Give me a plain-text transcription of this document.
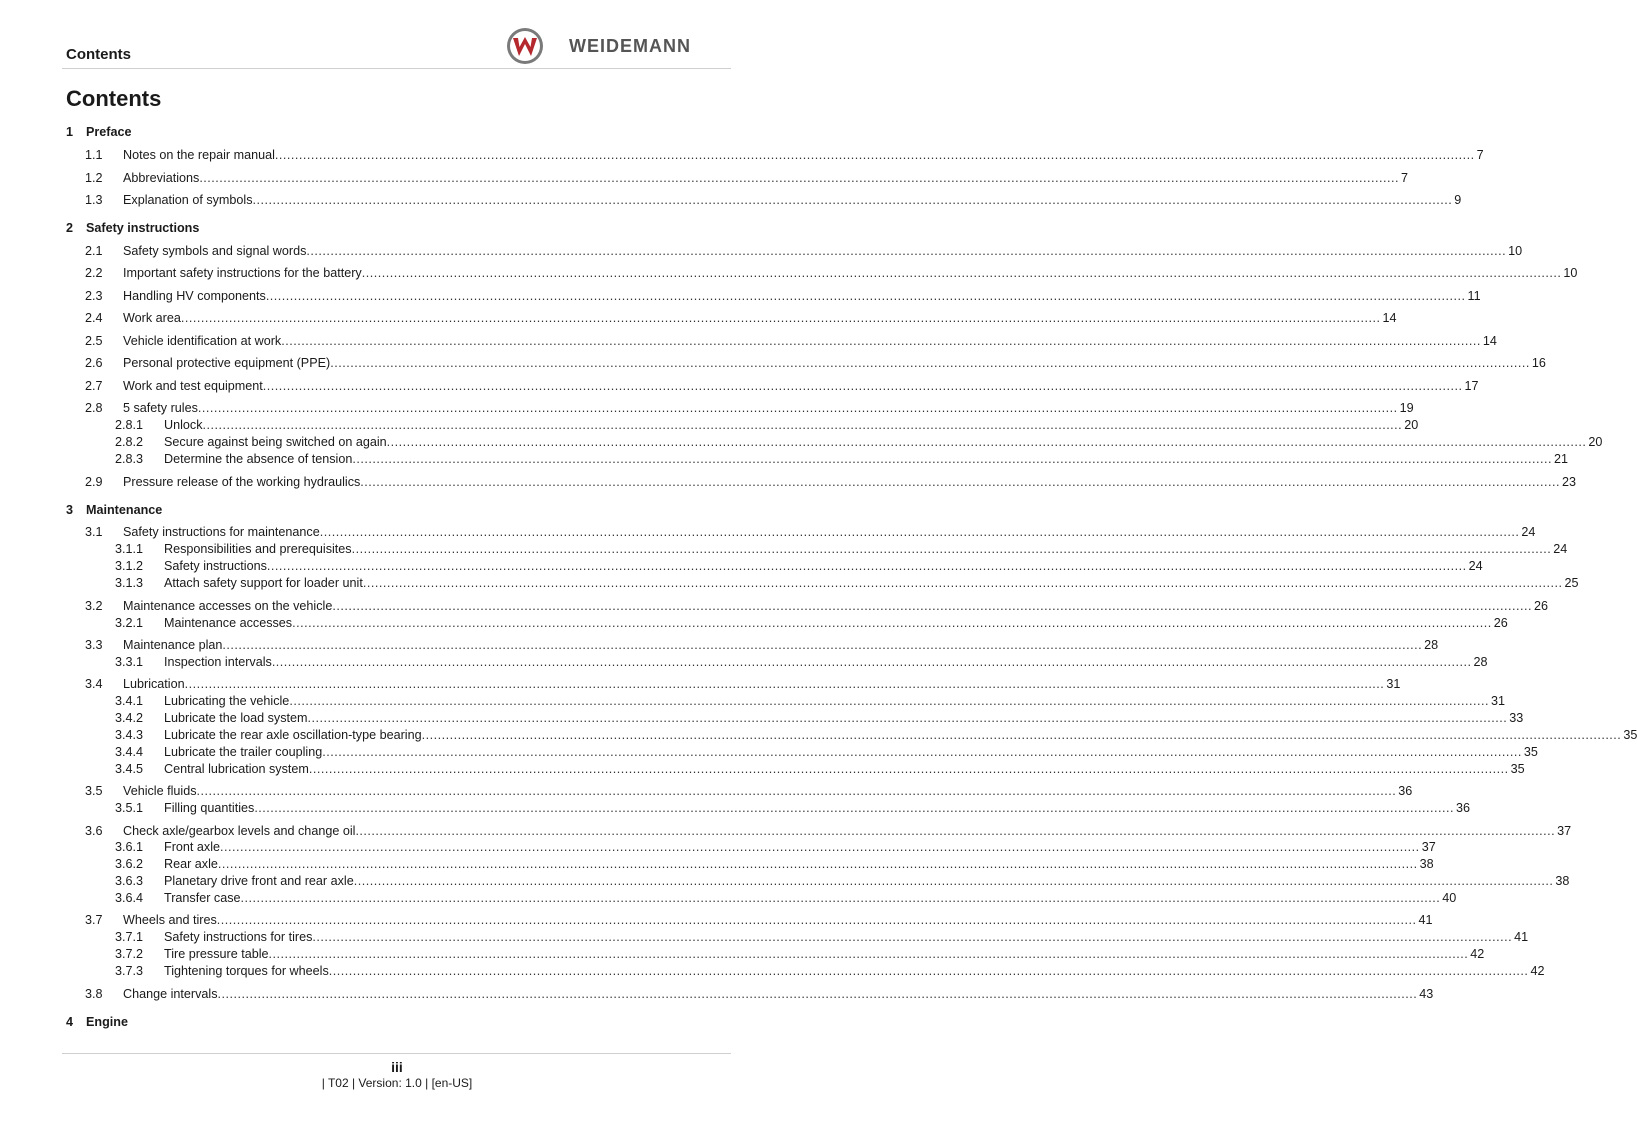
Contents	WEIDEMANN
Contents
1 Preface
1.1 Notes on the repair manual ............................................................................................................................................................................................................................................................................................................ 7
1.2 Abbreviations ............................................................................................................................................................................................................................................................................................................ 7
1.3 Explanation of symbols ............................................................................................................................................................................................................................................................................................................ 9
2 Safety instructions
2.1 Safety symbols and signal words ............................................................................................................................................................................................................................................................................................................ 10
2.2 Important safety instructions for the battery ............................................................................................................................................................................................................................................................................................................ 10
2.3 Handling HV components ............................................................................................................................................................................................................................................................................................................ 11
2.4 Work area ............................................................................................................................................................................................................................................................................................................ 14
2.5 Vehicle identification at work ............................................................................................................................................................................................................................................................................................................ 14
2.6 Personal protective equipment (PPE) ............................................................................................................................................................................................................................................................................................................ 16
2.7 Work and test equipment ............................................................................................................................................................................................................................................................................................................ 17
2.8 5 safety rules ............................................................................................................................................................................................................................................................................................................ 19
2.8.1 Unlock ............................................................................................................................................................................................................................................................................................................ 20
2.8.2 Secure against being switched on again ............................................................................................................................................................................................................................................................................................................ 20
2.8.3 Determine the absence of tension ............................................................................................................................................................................................................................................................................................................ 21
2.9 Pressure release of the working hydraulics ............................................................................................................................................................................................................................................................................................................ 23
3 Maintenance
3.1 Safety instructions for maintenance ............................................................................................................................................................................................................................................................................................................ 24
3.1.1 Responsibilities and prerequisites ............................................................................................................................................................................................................................................................................................................ 24
3.1.2 Safety instructions ............................................................................................................................................................................................................................................................................................................ 24
3.1.3 Attach safety support for loader unit ............................................................................................................................................................................................................................................................................................................ 25
3.2 Maintenance accesses on the vehicle ............................................................................................................................................................................................................................................................................................................ 26
3.2.1 Maintenance accesses ............................................................................................................................................................................................................................................................................................................ 26
3.3 Maintenance plan ............................................................................................................................................................................................................................................................................................................ 28
3.3.1 Inspection intervals ............................................................................................................................................................................................................................................................................................................ 28
3.4 Lubrication ............................................................................................................................................................................................................................................................................................................ 31
3.4.1 Lubricating the vehicle ............................................................................................................................................................................................................................................................................................................ 31
3.4.2 Lubricate the load system ............................................................................................................................................................................................................................................................................................................ 33
3.4.3 Lubricate the rear axle oscillation-type bearing ............................................................................................................................................................................................................................................................................................................ 35
3.4.4 Lubricate the trailer coupling ............................................................................................................................................................................................................................................................................................................ 35
3.4.5 Central lubrication system ............................................................................................................................................................................................................................................................................................................ 35
3.5 Vehicle fluids ............................................................................................................................................................................................................................................................................................................ 36
3.5.1 Filling quantities ............................................................................................................................................................................................................................................................................................................ 36
3.6 Check axle/gearbox levels and change oil ............................................................................................................................................................................................................................................................................................................ 37
3.6.1 Front axle ............................................................................................................................................................................................................................................................................................................ 37
3.6.2 Rear axle ............................................................................................................................................................................................................................................................................................................ 38
3.6.3 Planetary drive front and rear axle ............................................................................................................................................................................................................................................................................................................ 38
3.6.4 Transfer case ............................................................................................................................................................................................................................................................................................................ 40
3.7 Wheels and tires ............................................................................................................................................................................................................................................................................................................ 41
3.7.1 Safety instructions for tires ............................................................................................................................................................................................................................................................................................................ 41
3.7.2 Tire pressure table ............................................................................................................................................................................................................................................................................................................ 42
3.7.3 Tightening torques for wheels ............................................................................................................................................................................................................................................................................................................ 42
3.8 Change intervals ............................................................................................................................................................................................................................................................................................................ 43
4 Engine
iii
| T02 | Version: 1.0 | [en-US]
